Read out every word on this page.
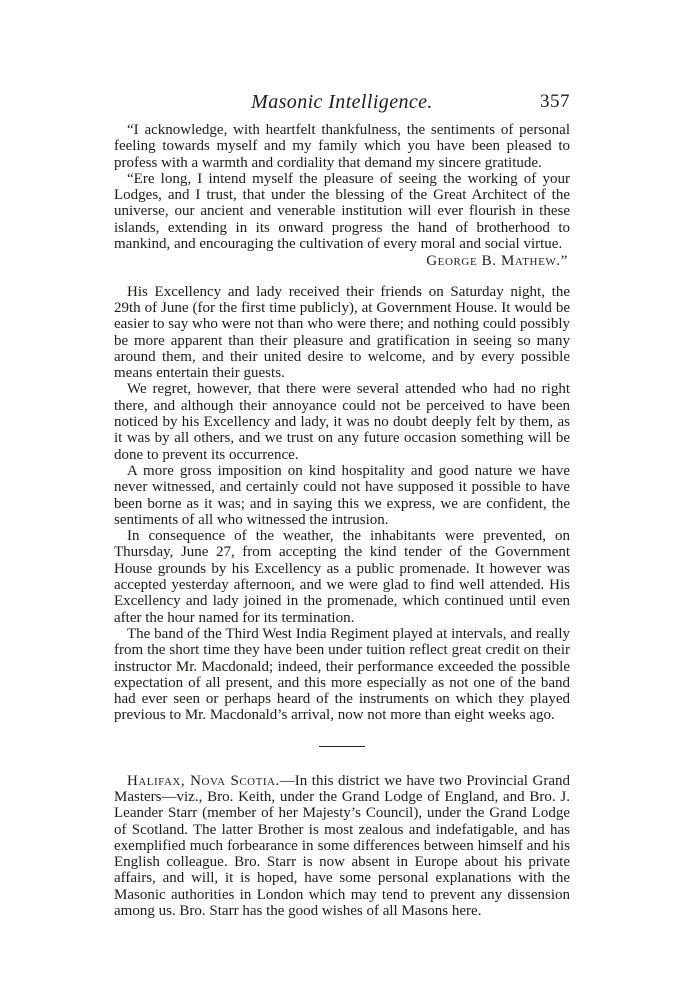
Masonic Intelligence.	357

“I acknowledge, with heartfelt thankfulness, the sentiments of personal feeling towards myself and my family which you have been pleased to profess with a warmth and cordiality that demand my sincere gratitude.

“Ere long, I intend myself the pleasure of seeing the working of your Lodges, and I trust, that under the blessing of the Great Architect of the universe, our ancient and venerable institution will ever flourish in these islands, extending in its onward progress the hand of brotherhood to mankind, and encouraging the cultivation of every moral and social virtue.

George B. Mathew.”

His Excellency and lady received their friends on Saturday night, the 29th of June (for the first time publicly), at Government House. It would be easier to say who were not than who were there; and nothing could possibly be more apparent than their pleasure and gratification in seeing so many around them, and their united desire to welcome, and by every possible means entertain their guests.

We regret, however, that there were several attended who had no right there, and although their annoyance could not be perceived to have been noticed by his Excellency and lady, it was no doubt deeply felt by them, as it was by all others, and we trust on any future occasion something will be done to prevent its occurrence.

A more gross imposition on kind hospitality and good nature we have never witnessed, and certainly could not have supposed it possible to have been borne as it was; and in saying this we express, we are confident, the sentiments of all who witnessed the intrusion.

In consequence of the weather, the inhabitants were prevented, on Thursday, June 27, from accepting the kind tender of the Government House grounds by his Excellency as a public promenade. It however was accepted yesterday afternoon, and we were glad to find well attended. His Excellency and lady joined in the promenade, which continued until even after the hour named for its termination.

The band of the Third West India Regiment played at intervals, and really from the short time they have been under tuition reflect great credit on their instructor Mr. Macdonald; indeed, their performance exceeded the possible expectation of all present, and this more especially as not one of the band had ever seen or perhaps heard of the instruments on which they played previous to Mr. Macdonald’s arrival, now not more than eight weeks ago.

Halifax, Nova Scotia.—In this district we have two Provincial Grand Masters—viz., Bro. Keith, under the Grand Lodge of England, and Bro. J. Leander Starr (member of her Majesty’s Council), under the Grand Lodge of Scotland. The latter Brother is most zealous and indefatigable, and has exemplified much forbearance in some differences between himself and his English colleague. Bro. Starr is now absent in Europe about his private affairs, and will, it is hoped, have some personal explanations with the Masonic authorities in London which may tend to prevent any dissension among us. Bro. Starr has the good wishes of all Masons here.
